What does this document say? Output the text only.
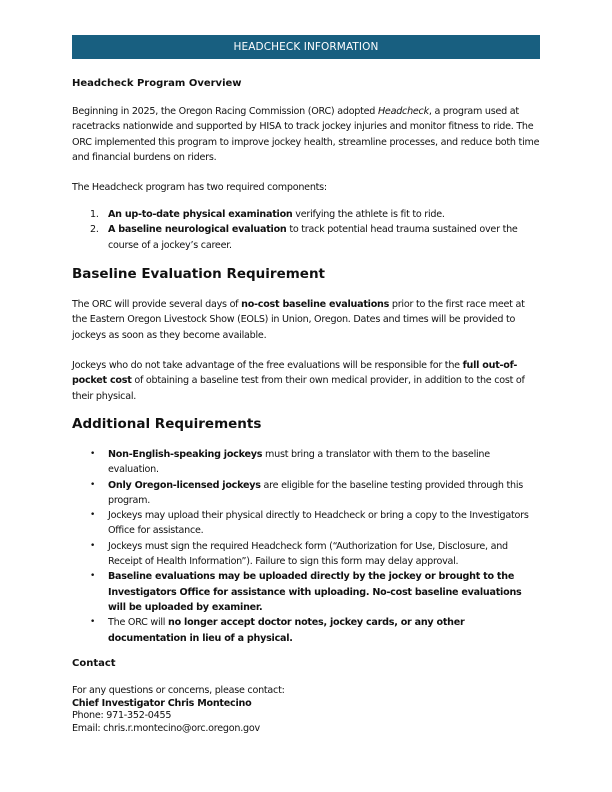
HEADCHECK INFORMATION
Headcheck Program Overview

Beginning in 2025, the Oregon Racing Commission (ORC) adopted Headcheck, a program used at racetracks nationwide and supported by HISA to track jockey injuries and monitor fitness to ride. The ORC implemented this program to improve jockey health, streamline processes, and reduce both time and financial burdens on riders.

The Headcheck program has two required components:

1. An up-to-date physical examination verifying the athlete is fit to ride.
2. A baseline neurological evaluation to track potential head trauma sustained over the course of a jockey’s career.
Baseline Evaluation Requirement

The ORC will provide several days of no-cost baseline evaluations prior to the first race meet at the Eastern Oregon Livestock Show (EOLS) in Union, Oregon. Dates and times will be provided to jockeys as soon as they become available.

Jockeys who do not take advantage of the free evaluations will be responsible for the full out-of-pocket cost of obtaining a baseline test from their own medical provider, in addition to the cost of their physical.

Additional Requirements
• Non-English-speaking jockeys must bring a translator with them to the baseline evaluation.
• Only Oregon-licensed jockeys are eligible for the baseline testing provided through this program.
• Jockeys may upload their physical directly to Headcheck or bring a copy to the Investigators Office for assistance.
• Jockeys must sign the required Headcheck form (“Authorization for Use, Disclosure, and Receipt of Health Information”). Failure to sign this form may delay approval.
• Baseline evaluations may be uploaded directly by the jockey or brought to the Investigators Office for assistance with uploading. No-cost baseline evaluations will be uploaded by examiner.
• The ORC will no longer accept doctor notes, jockey cards, or any other documentation in lieu of a physical.
Contact
For any questions or concerns, please contact:
Chief Investigator Chris Montecino
Phone: 971-352-0455
Email: chris.r.montecino@orc.oregon.gov
